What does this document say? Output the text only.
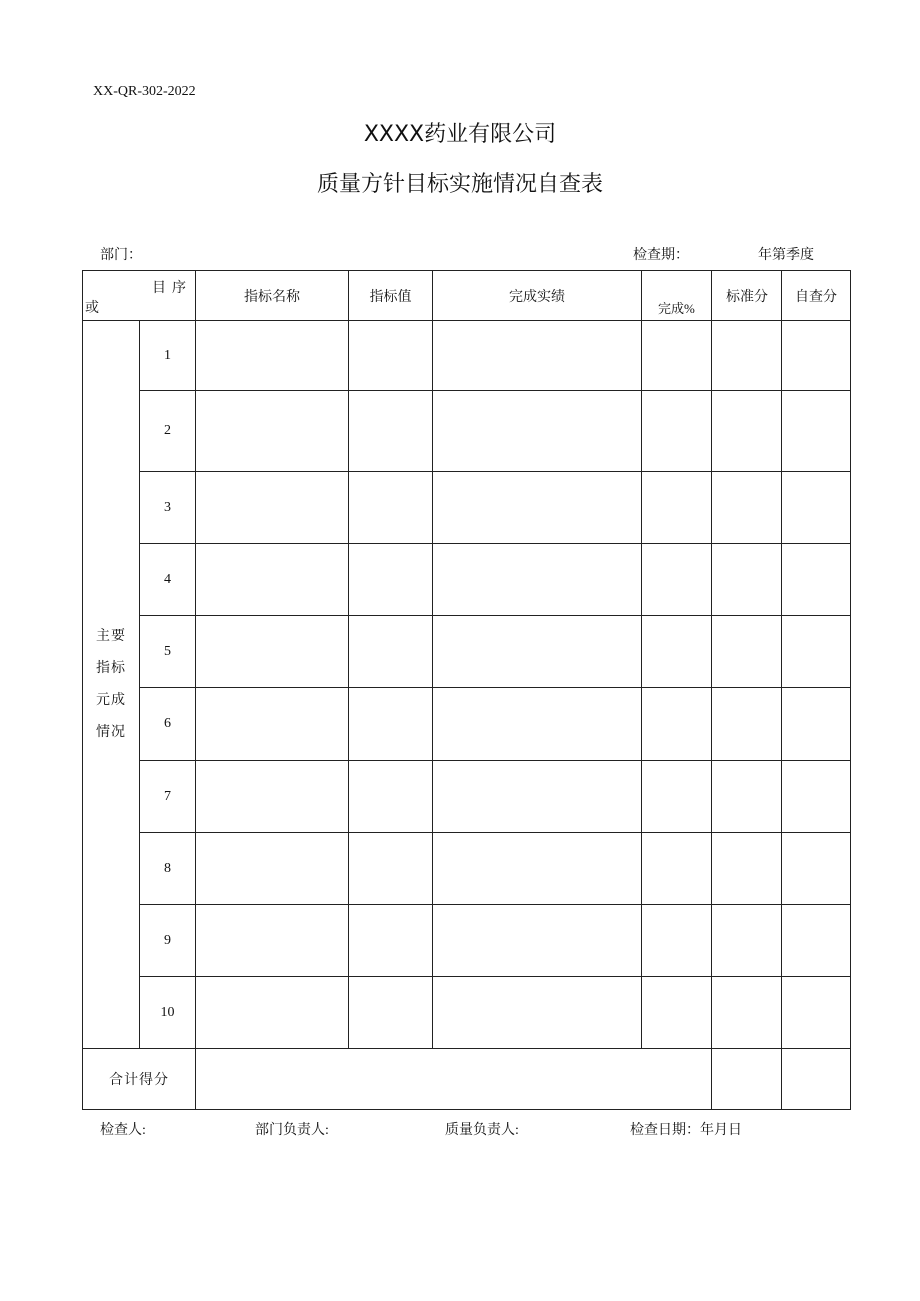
XX-QR-302-2022
XXXX药业有限公司
质量方针目标实施情况自查表
部门：	检查期：	年第季度
目序
或		指标名称	指标值	完成实绩	完成%	标准分	自查分

主要
指标
元成
情况	1						
	2						
	3						
	4						
	5						
	6						
	7						
	8						
	9						
	10						
合计得分							
检查人:	部门负责人:	质量负责人:	检查日期：年月日
